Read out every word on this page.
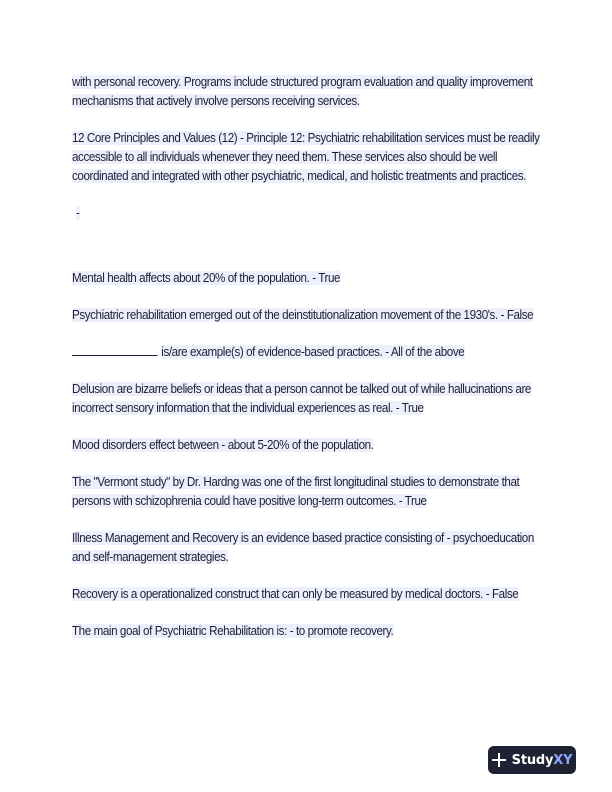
with personal recovery. Programs include structured program evaluation and quality improvement mechanisms that actively involve persons receiving services.

12 Core Principles and Values (12) - Principle 12: Psychiatric rehabilitation services must be readily accessible to all individuals whenever they need them. These services also should be well coordinated and integrated with other psychiatric, medical, and holistic treatments and practices.

-

Mental health affects about 20% of the population. - True

Psychiatric rehabilitation emerged out of the deinstitutionalization movement of the 1930's. - False

is/are example(s) of evidence-based practices. - All of the above

Delusion are bizarre beliefs or ideas that a person cannot be talked out of while hallucinations are incorrect sensory information that the individual experiences as real. - True

Mood disorders effect between - about 5-20% of the population.

The "Vermont study" by Dr. Hardng was one of the first longitudinal studies to demonstrate that persons with schizophrenia could have positive long-term outcomes. - True

Illness Management and Recovery is an evidence based practice consisting of - psychoeducation and self-management strategies.

Recovery is a operationalized construct that can only be measured by medical doctors. - False

The main goal of Psychiatric Rehabilitation is: - to promote recovery.

StudyXY
